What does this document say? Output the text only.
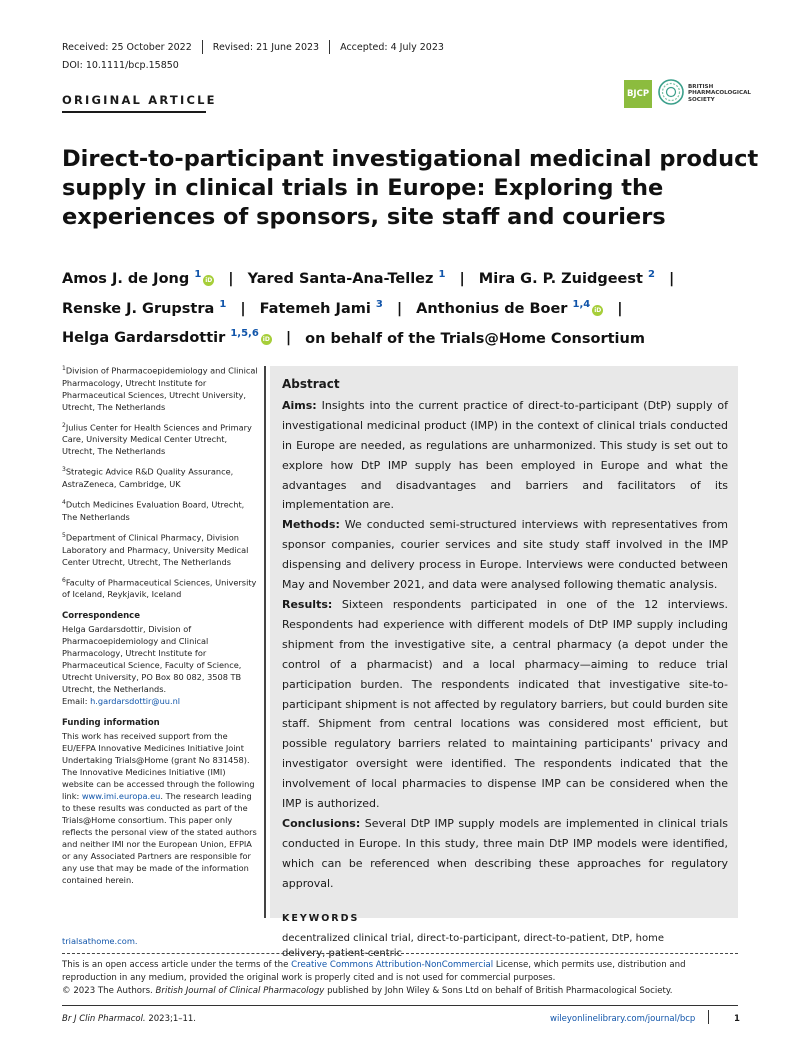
Received: 25 October 2022 Revised: 21 June 2023 Accepted: 4 July 2023
DOI: 10.1111/bcp.15850
ORIGINAL ARTICLE	BJCP
BRITISH
PHARMACOLOGICAL
SOCIETY
Direct-to-participant investigational medicinal product supply in clinical trials in Europe: Exploring the experiences of sponsors, site staff and couriers
Amos J. de Jong $^1$iD | Yared Santa-Ana-Tellez $^1$ | Mira G. P. Zuidgeest $^2$ |
Renske J. Grupstra $^1$ | Fatemeh Jami $^3$ | Anthonius de Boer $^{1,4}$iD |
Helga Gardarsdottir $^{1,5,6}$iD | on behalf of the Trials@Home Consortium

$^1$Division of Pharmacoepidemiology and Clinical Pharmacology, Utrecht Institute for Pharmaceutical Sciences, Utrecht University, Utrecht, The Netherlands

$^2$Julius Center for Health Sciences and Primary Care, University Medical Center Utrecht, Utrecht, The Netherlands

$^3$Strategic Advice R&D Quality Assurance, AstraZeneca, Cambridge, UK

$^4$Dutch Medicines Evaluation Board, Utrecht, The Netherlands

$^5$Department of Clinical Pharmacy, Division Laboratory and Pharmacy, University Medical Center Utrecht, Utrecht, The Netherlands

$^6$Faculty of Pharmaceutical Sciences, University of Iceland, Reykjavik, Iceland

Correspondence

Helga Gardarsdottir, Division of Pharmacoepidemiology and Clinical Pharmacology, Utrecht Institute for Pharmaceutical Science, Faculty of Science, Utrecht University, PO Box 80 082, 3508 TB Utrecht, the Netherlands.
Email: h.gardarsdottir@uu.nl

Funding information

This work has received support from the EU/EFPA Innovative Medicines Initiative Joint Undertaking Trials@Home (grant No 831458). The Innovative Medicines Initiative (IMI) website can be accessed through the following link: www.imi.europa.eu. The research leading to these results was conducted as part of the Trials@Home consortium. This paper only reflects the personal view of the stated authors and neither IMI nor the European Union, EFPIA or any Associated Partners are responsible for any use that may be made of the information contained herein.

Abstract

Aims: Insights into the current practice of direct-to-participant (DtP) supply of investigational medicinal product (IMP) in the context of clinical trials conducted in Europe are needed, as regulations are unharmonized. This study is set out to explore how DtP IMP supply has been employed in Europe and what the advantages and disadvantages and barriers and facilitators of its implementation are.

Methods: We conducted semi-structured interviews with representatives from sponsor companies, courier services and site study staff involved in the IMP dispensing and delivery process in Europe. Interviews were conducted between May and November 2021, and data were analysed following thematic analysis.

Results: Sixteen respondents participated in one of the 12 interviews. Respondents had experience with different models of DtP IMP supply including shipment from the investigative site, a central pharmacy (a depot under the control of a pharmacist) and a local pharmacy—aiming to reduce trial participation burden. The respondents indicated that investigative site-to-participant shipment is not affected by regulatory barriers, but could burden site staff. Shipment from central locations was considered most efficient, but possible regulatory barriers related to maintaining participants' privacy and investigator oversight were identified. The respondents indicated that the involvement of local pharmacies to dispense IMP can be considered when the IMP is authorized.

Conclusions: Several DtP IMP supply models are implemented in clinical trials conducted in Europe. In this study, three main DtP IMP models were identified, which can be referenced when describing these approaches for regulatory approval.

KEYWORDS
decentralized clinical trial, direct-to-participant, direct-to-patient, DtP, home delivery, patient-centric
trialsathome.com.
This is an open access article under the terms of the Creative Commons Attribution-NonCommercial License, which permits use, distribution and reproduction in any medium, provided the original work is properly cited and is not used for commercial purposes.
© 2023 The Authors. British Journal of Clinical Pharmacology published by John Wiley & Sons Ltd on behalf of British Pharmacological Society.
Br J Clin Pharmacol. 2023;1–11.	wileyonlinelibrary.com/journal/bcp	1
